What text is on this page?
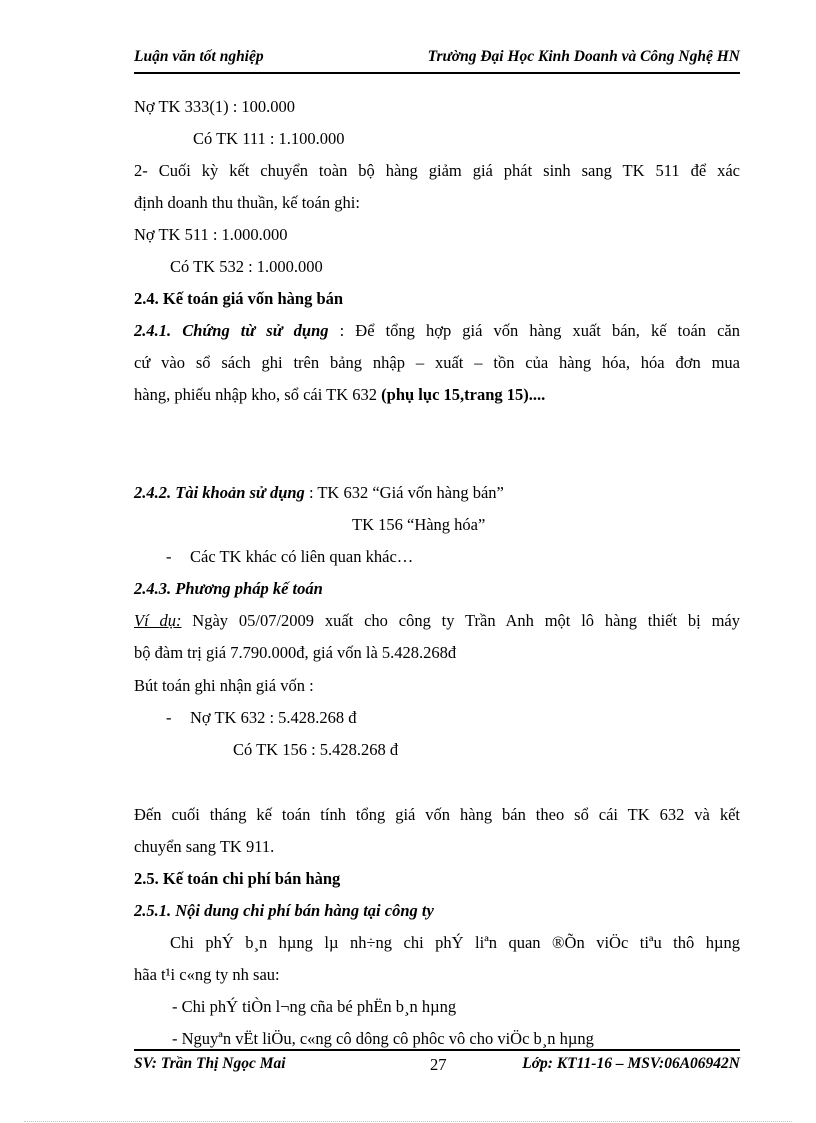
Luận văn tốt nghiệp	Trường Đại Học Kinh Doanh và Công Nghệ HN
Nợ TK 333(1) : 100.000
Có TK 111 : 1.100.000
2- Cuối kỳ kết chuyển toàn bộ hàng giảm giá phát sinh sang TK 511 để xác
định doanh thu thuần, kế toán ghi:
Nợ TK 511 : 1.000.000
Có TK 532 : 1.000.000
2.4. Kế toán giá vốn hàng bán
2.4.1. Chứng từ sử dụng : Để tổng hợp giá vốn hàng xuất bán, kế toán căn
cứ vào sổ sách ghi trên bảng nhập – xuất – tồn của hàng hóa, hóa đơn mua
hàng, phiếu nhập kho, sổ cái TK 632 (phụ lục 15,trang 15)....
2.4.2. Tài khoản sử dụng : TK 632 “Giá vốn hàng bán”
TK 156 “Hàng hóa”
- Các TK khác có liên quan khác…
2.4.3. Phương pháp kế toán
Ví dụ: Ngày 05/07/2009 xuất cho công ty Trần Anh một lô hàng thiết bị máy
bộ đàm trị giá 7.790.000đ, giá vốn là 5.428.268đ
Bút toán ghi nhận giá vốn :
- Nợ TK 632 : 5.428.268 đ
Có TK 156 : 5.428.268 đ
Đến cuối tháng kế toán tính tổng giá vốn hàng bán theo sổ cái TK 632 và kết
chuyển sang TK 911.
2.5. Kế toán chi phí bán hàng
2.5.1. Nội dung chi phí bán hàng tại công ty
Chi phÝ b¸n hµng lµ nh÷ng chi phÝ liªn quan ®Õn viÖc tiªu thô hµng
hãa t¹i c«ng ty nh sau:
- Chi phÝ tiÒn l¬ng cña bé phËn b¸n hµng
- Nguyªn vËt liÖu, c«ng cô dông cô phôc vô cho viÖc b¸n hµng
SV: Trần Thị Ngọc Mai	27	Lớp: KT11-16 – MSV:06A06942N
